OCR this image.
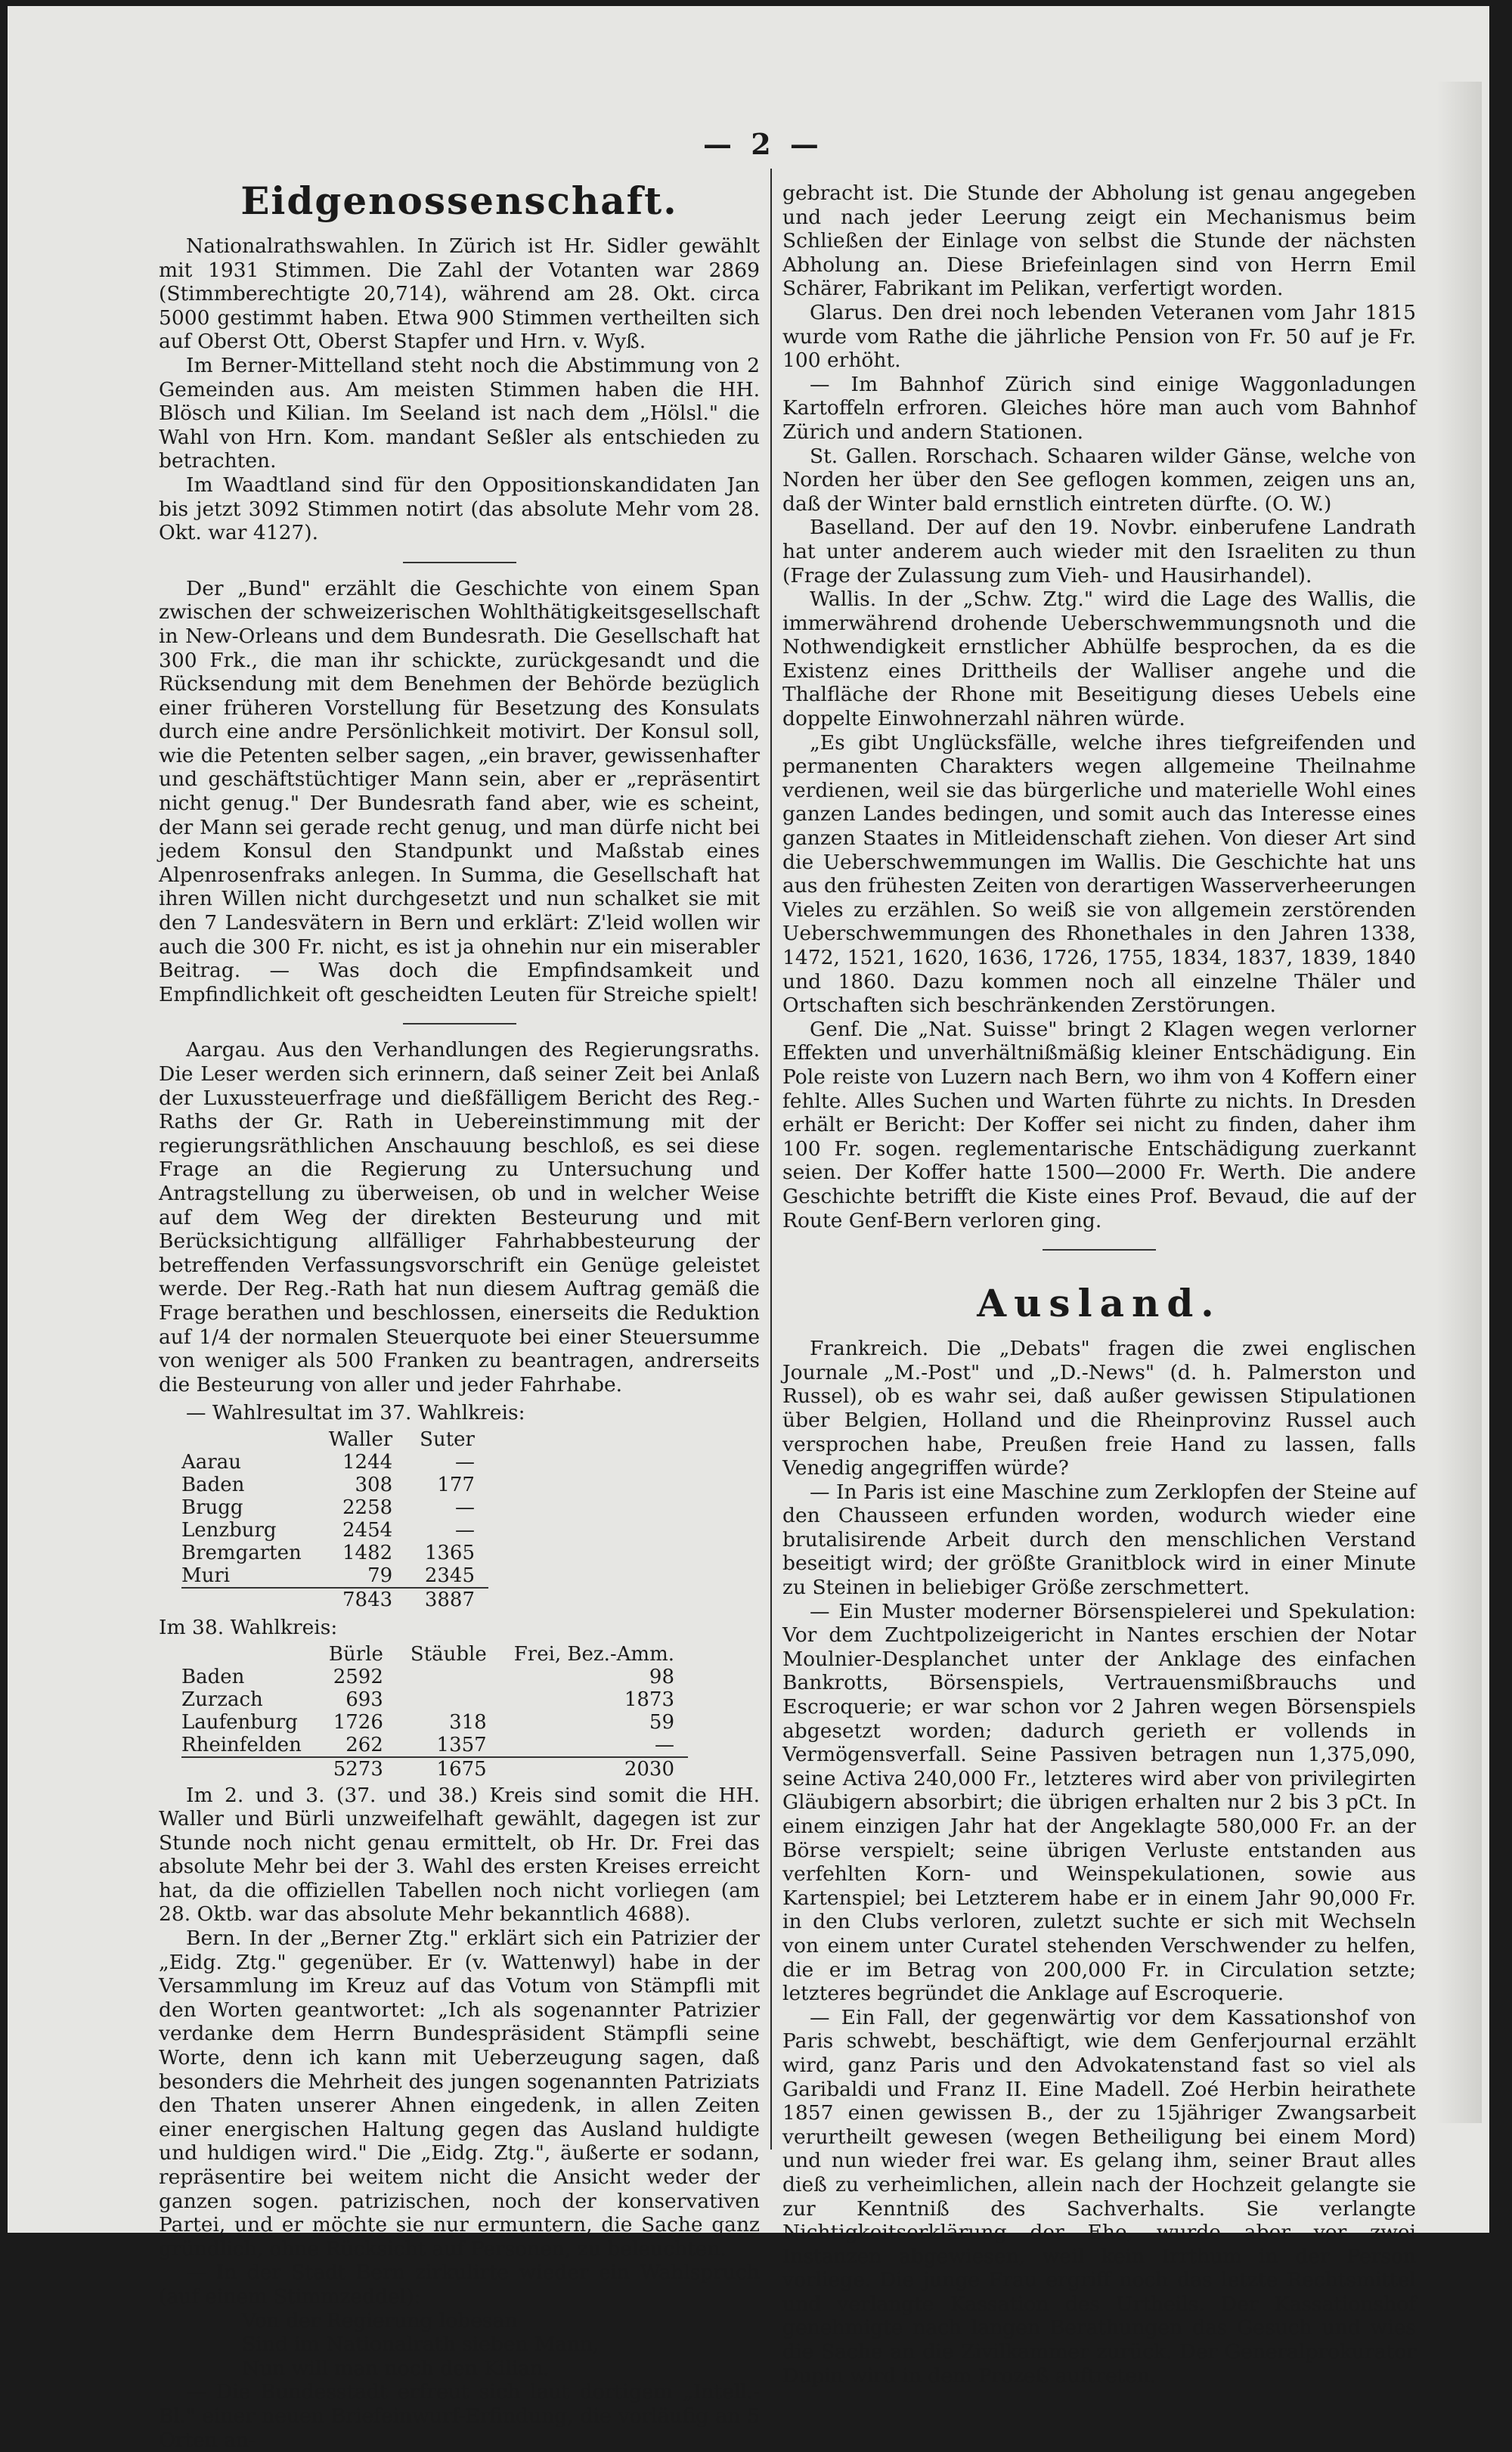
— 2 —
Eidgenossenschaft.

Nationalrathswahlen. In Zürich ist Hr. Sidler gewählt mit 1931 Stimmen. Die Zahl der Votanten war 2869 (Stimmberechtigte 20,714), während am 28. Okt. circa 5000 gestimmt haben. Etwa 900 Stimmen vertheilten sich auf Oberst Ott, Oberst Stapfer und Hrn. v. Wyß.

Im Berner-Mittelland steht noch die Abstimmung von 2 Gemeinden aus. Am meisten Stimmen haben die HH. Blösch und Kilian. Im Seeland ist nach dem „Hölsl." die Wahl von Hrn. Kom. mandant Seßler als entschieden zu betrachten.

Im Waadtland sind für den Oppositionskandidaten Jan bis jetzt 3092 Stimmen notirt (das absolute Mehr vom 28. Okt. war 4127).

Der „Bund" erzählt die Geschichte von einem Span zwischen der schweizerischen Wohlthätigkeitsgesellschaft in New-Orleans und dem Bundesrath. Die Gesellschaft hat 300 Frk., die man ihr schickte, zurückgesandt und die Rücksendung mit dem Benehmen der Behörde bezüglich einer früheren Vorstellung für Besetzung des Konsulats durch eine andre Persönlichkeit motivirt. Der Konsul soll, wie die Petenten selber sagen, „ein braver, gewissenhafter und geschäftstüchtiger Mann sein, aber er „repräsentirt nicht genug." Der Bundesrath fand aber, wie es scheint, der Mann sei gerade recht genug, und man dürfe nicht bei jedem Konsul den Standpunkt und Maßstab eines Alpenrosenfraks anlegen. In Summa, die Gesellschaft hat ihren Willen nicht durchgesetzt und nun schalket sie mit den 7 Landesvätern in Bern und erklärt: Z'leid wollen wir auch die 300 Fr. nicht, es ist ja ohnehin nur ein miserabler Beitrag. — Was doch die Empfindsamkeit und Empfindlichkeit oft gescheidten Leuten für Streiche spielt!

Aargau. Aus den Verhandlungen des Regierungsraths. Die Leser werden sich erinnern, daß seiner Zeit bei Anlaß der Luxussteuerfrage und dießfälligem Bericht des Reg.-Raths der Gr. Rath in Uebereinstimmung mit der regierungsräthlichen Anschauung beschloß, es sei diese Frage an die Regierung zu Untersuchung und Antragstellung zu überweisen, ob und in welcher Weise auf dem Weg der direkten Besteurung und mit Berücksichtigung allfälliger Fahrhabbesteurung der betreffenden Verfassungsvorschrift ein Genüge geleistet werde. Der Reg.-Rath hat nun diesem Auftrag gemäß die Frage berathen und beschlossen, einerseits die Reduktion auf 1/4 der normalen Steuerquote bei einer Steuersumme von weniger als 500 Franken zu beantragen, andrerseits die Besteurung von aller und jeder Fahrhabe.

— Wahlresultat im 37. Wahlkreis:

	Waller	Suter
Aarau	1244	—
Baden	308	177
Brugg	2258	—
Lenzburg	2454	—
Bremgarten	1482	1365
Muri	79	2345
	7843	3887

Im 38. Wahlkreis:

	Bürle	Stäuble	Frei, Bez.-Amm.
Baden	2592		98
Zurzach	693		1873
Laufenburg	1726	318	59
Rheinfelden	262	1357	—
	5273	1675	2030

Im 2. und 3. (37. und 38.) Kreis sind somit die HH. Waller und Bürli unzweifelhaft gewählt, dagegen ist zur Stunde noch nicht genau ermittelt, ob Hr. Dr. Frei das absolute Mehr bei der 3. Wahl des ersten Kreises erreicht hat, da die offiziellen Tabellen noch nicht vorliegen (am 28. Oktb. war das absolute Mehr bekanntlich 4688).

Bern. In der „Berner Ztg." erklärt sich ein Patrizier der „Eidg. Ztg." gegenüber. Er (v. Wattenwyl) habe in der Versammlung im Kreuz auf das Votum von Stämpfli mit den Worten geantwortet: „Ich als sogenannter Patrizier verdanke dem Herrn Bundespräsident Stämpfli seine Worte, denn ich kann mit Ueberzeugung sagen, daß besonders die Mehrheit des jungen sogenannten Patriziats den Thaten unserer Ahnen eingedenk, in allen Zeiten einer energischen Haltung gegen das Ausland huldigte und huldigen wird." Die „Eidg. Ztg.", äußerte er sodann, repräsentire bei weitem nicht die Ansicht weder der ganzen sogen. patrizischen, noch der konservativen Partei, und er möchte sie nur ermuntern, die Sache ganz gründlich, ohne Rücksicht auf Personen, zu beleuchten.

— In der Stadt Bern zirkulirte wieder ein Wahlspruch (auf einem Stimmzeddel):

Von der Regierung lobesan

Sind im Nationalrath sieben Mann,

Nun will man noch den Kilian.

— Die Bundesstadt erfreut sich laut dortigem „Intell.-Bl." einer neuen Briefeinwurf-Erfindung, die vorläufig an 5 Orten an-

gebracht ist. Die Stunde der Abholung ist genau angegeben und nach jeder Leerung zeigt ein Mechanismus beim Schließen der Einlage von selbst die Stunde der nächsten Abholung an. Diese Briefeinlagen sind von Herrn Emil Schärer, Fabrikant im Pelikan, verfertigt worden.

Glarus. Den drei noch lebenden Veteranen vom Jahr 1815 wurde vom Rathe die jährliche Pension von Fr. 50 auf je Fr. 100 erhöht.

— Im Bahnhof Zürich sind einige Waggonladungen Kartoffeln erfroren. Gleiches höre man auch vom Bahnhof Zürich und andern Stationen.

St. Gallen. Rorschach. Schaaren wilder Gänse, welche von Norden her über den See geflogen kommen, zeigen uns an, daß der Winter bald ernstlich eintreten dürfte. (O. W.)

Baselland. Der auf den 19. Novbr. einberufene Landrath hat unter anderem auch wieder mit den Israeliten zu thun (Frage der Zulassung zum Vieh- und Hausirhandel).

Wallis. In der „Schw. Ztg." wird die Lage des Wallis, die immerwährend drohende Ueberschwemmungsnoth und die Nothwendigkeit ernstlicher Abhülfe besprochen, da es die Existenz eines Drittheils der Walliser angehe und die Thalfläche der Rhone mit Beseitigung dieses Uebels eine doppelte Einwohnerzahl nähren würde.

„Es gibt Unglücksfälle, welche ihres tiefgreifenden und permanenten Charakters wegen allgemeine Theilnahme verdienen, weil sie das bürgerliche und materielle Wohl eines ganzen Landes bedingen, und somit auch das Interesse eines ganzen Staates in Mitleidenschaft ziehen. Von dieser Art sind die Ueberschwemmungen im Wallis. Die Geschichte hat uns aus den frühesten Zeiten von derartigen Wasserverheerungen Vieles zu erzählen. So weiß sie von allgemein zerstörenden Ueberschwemmungen des Rhonethales in den Jahren 1338, 1472, 1521, 1620, 1636, 1726, 1755, 1834, 1837, 1839, 1840 und 1860. Dazu kommen noch all einzelne Thäler und Ortschaften sich beschränkenden Zerstörungen.

Genf. Die „Nat. Suisse" bringt 2 Klagen wegen verlorner Effekten und unverhältnißmäßig kleiner Entschädigung. Ein Pole reiste von Luzern nach Bern, wo ihm von 4 Koffern einer fehlte. Alles Suchen und Warten führte zu nichts. In Dresden erhält er Bericht: Der Koffer sei nicht zu finden, daher ihm 100 Fr. sogen. reglementarische Entschädigung zuerkannt seien. Der Koffer hatte 1500—2000 Fr. Werth. Die andere Geschichte betrifft die Kiste eines Prof. Bevaud, die auf der Route Genf-Bern verloren ging.

Ausland.

Frankreich. Die „Debats" fragen die zwei englischen Journale „M.-Post" und „D.-News" (d. h. Palmerston und Russel), ob es wahr sei, daß außer gewissen Stipulationen über Belgien, Holland und die Rheinprovinz Russel auch versprochen habe, Preußen freie Hand zu lassen, falls Venedig angegriffen würde?

— In Paris ist eine Maschine zum Zerklopfen der Steine auf den Chausseen erfunden worden, wodurch wieder eine brutalisirende Arbeit durch den menschlichen Verstand beseitigt wird; der größte Granitblock wird in einer Minute zu Steinen in beliebiger Größe zerschmettert.

— Ein Muster moderner Börsenspielerei und Spekulation: Vor dem Zuchtpolizeigericht in Nantes erschien der Notar Moulnier-Desplanchet unter der Anklage des einfachen Bankrotts, Börsenspiels, Vertrauensmißbrauchs und Escroquerie; er war schon vor 2 Jahren wegen Börsenspiels abgesetzt worden; dadurch gerieth er vollends in Vermögensverfall. Seine Passiven betragen nun 1,375,090, seine Activa 240,000 Fr., letzteres wird aber von privilegirten Gläubigern absorbirt; die übrigen erhalten nur 2 bis 3 pCt. In einem einzigen Jahr hat der Angeklagte 580,000 Fr. an der Börse verspielt; seine übrigen Verluste entstanden aus verfehlten Korn- und Weinspekulationen, sowie aus Kartenspiel; bei Letzterem habe er in einem Jahr 90,000 Fr. in den Clubs verloren, zuletzt suchte er sich mit Wechseln von einem unter Curatel stehenden Verschwender zu helfen, die er im Betrag von 200,000 Fr. in Circulation setzte; letzteres begründet die Anklage auf Escroquerie.

— Ein Fall, der gegenwärtig vor dem Kassationshof von Paris schwebt, beschäftigt, wie dem Genferjournal erzählt wird, ganz Paris und den Advokatenstand fast so viel als Garibaldi und Franz II. Eine Madell. Zoé Herbin heirathete 1857 einen gewissen B., der zu 15jähriger Zwangsarbeit verurtheilt gewesen (wegen Betheiligung bei einem Mord) und nun wieder frei war. Es gelang ihm, seiner Braut alles dieß zu verheimlichen, allein nach der Hochzeit gelangte sie zur Kenntniß des Sachverhalts. Sie verlangte Nichtigkeitserklärung der Ehe, wurde aber vor zwei Instanzen abgewiesen, weil kein Irrthum in der Person vorliege. Die junge Frau ergriff noch das letzte Rechtsmittel und verlangte Kassation des Urtheils. Der Kassationshof genehmigte nach langen Berathungen das Gesuch und wies die Sache an die Zivilkammer zurück. Der Generalprokurator Dupin wird in dem Prozeß auftreten.
